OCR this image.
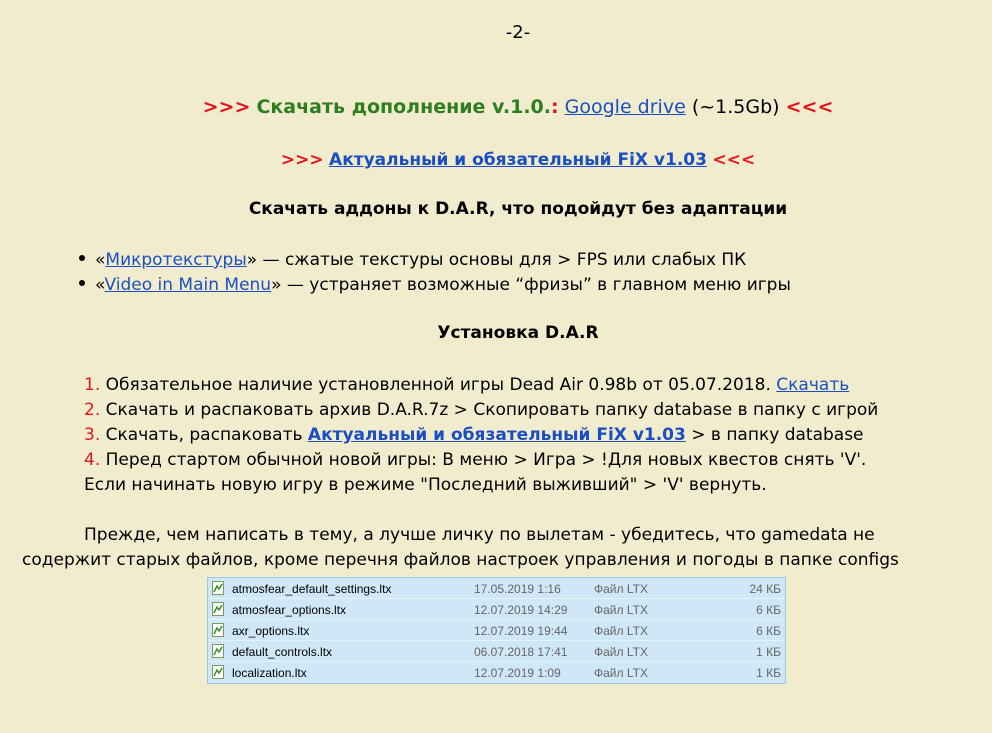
-2-
>>> Скачать дополнение v.1.0.: Google drive (~1.5Gb) <<<
>>> Актуальный и обязательный FiX v1.03 <<<
Скачать аддоны к D.A.R, что подойдут без адаптации
«Микротекстуры» — сжатые текстуры основы для > FPS или слабых ПК
«Video in Main Menu» — устраняет возможные “фризы” в главном меню игры
Установка D.A.R
1. Обязательное наличие установленной игры Dead Air 0.98b от 05.07.2018. Скачать
2. Скачать и распаковать архив D.A.R.7z > Скопировать папку database в папку с игрой
3. Скачать, распаковать Актуальный и обязательный FiX v1.03 > в папку database
4. Перед стартом обычной новой игры: В меню > Игра > !Для новых квестов снять 'V'.
Если начинать новую игру в режиме "Последний выживший" > 'V' вернуть.
Прежде, чем написать в тему, а лучше личку по вылетам - убедитесь, что gamedata не
содержит старых файлов, кроме перечня файлов настроек управления и погоды в папке configs
atmosfear_default_settings.ltx	17.05.2019 1:16	Файл LTX	24 КБ
atmosfear_options.ltx	12.07.2019 14:29 Файл LTX	6 КБ
axr_options.ltx	12.07.2019 19:44 Файл LTX	6 КБ
default_controls.ltx	06.07.2018 17:41 Файл LTX	1 КБ
localization.ltx	12.07.2019 1:09	Файл LTX	1 КБ
